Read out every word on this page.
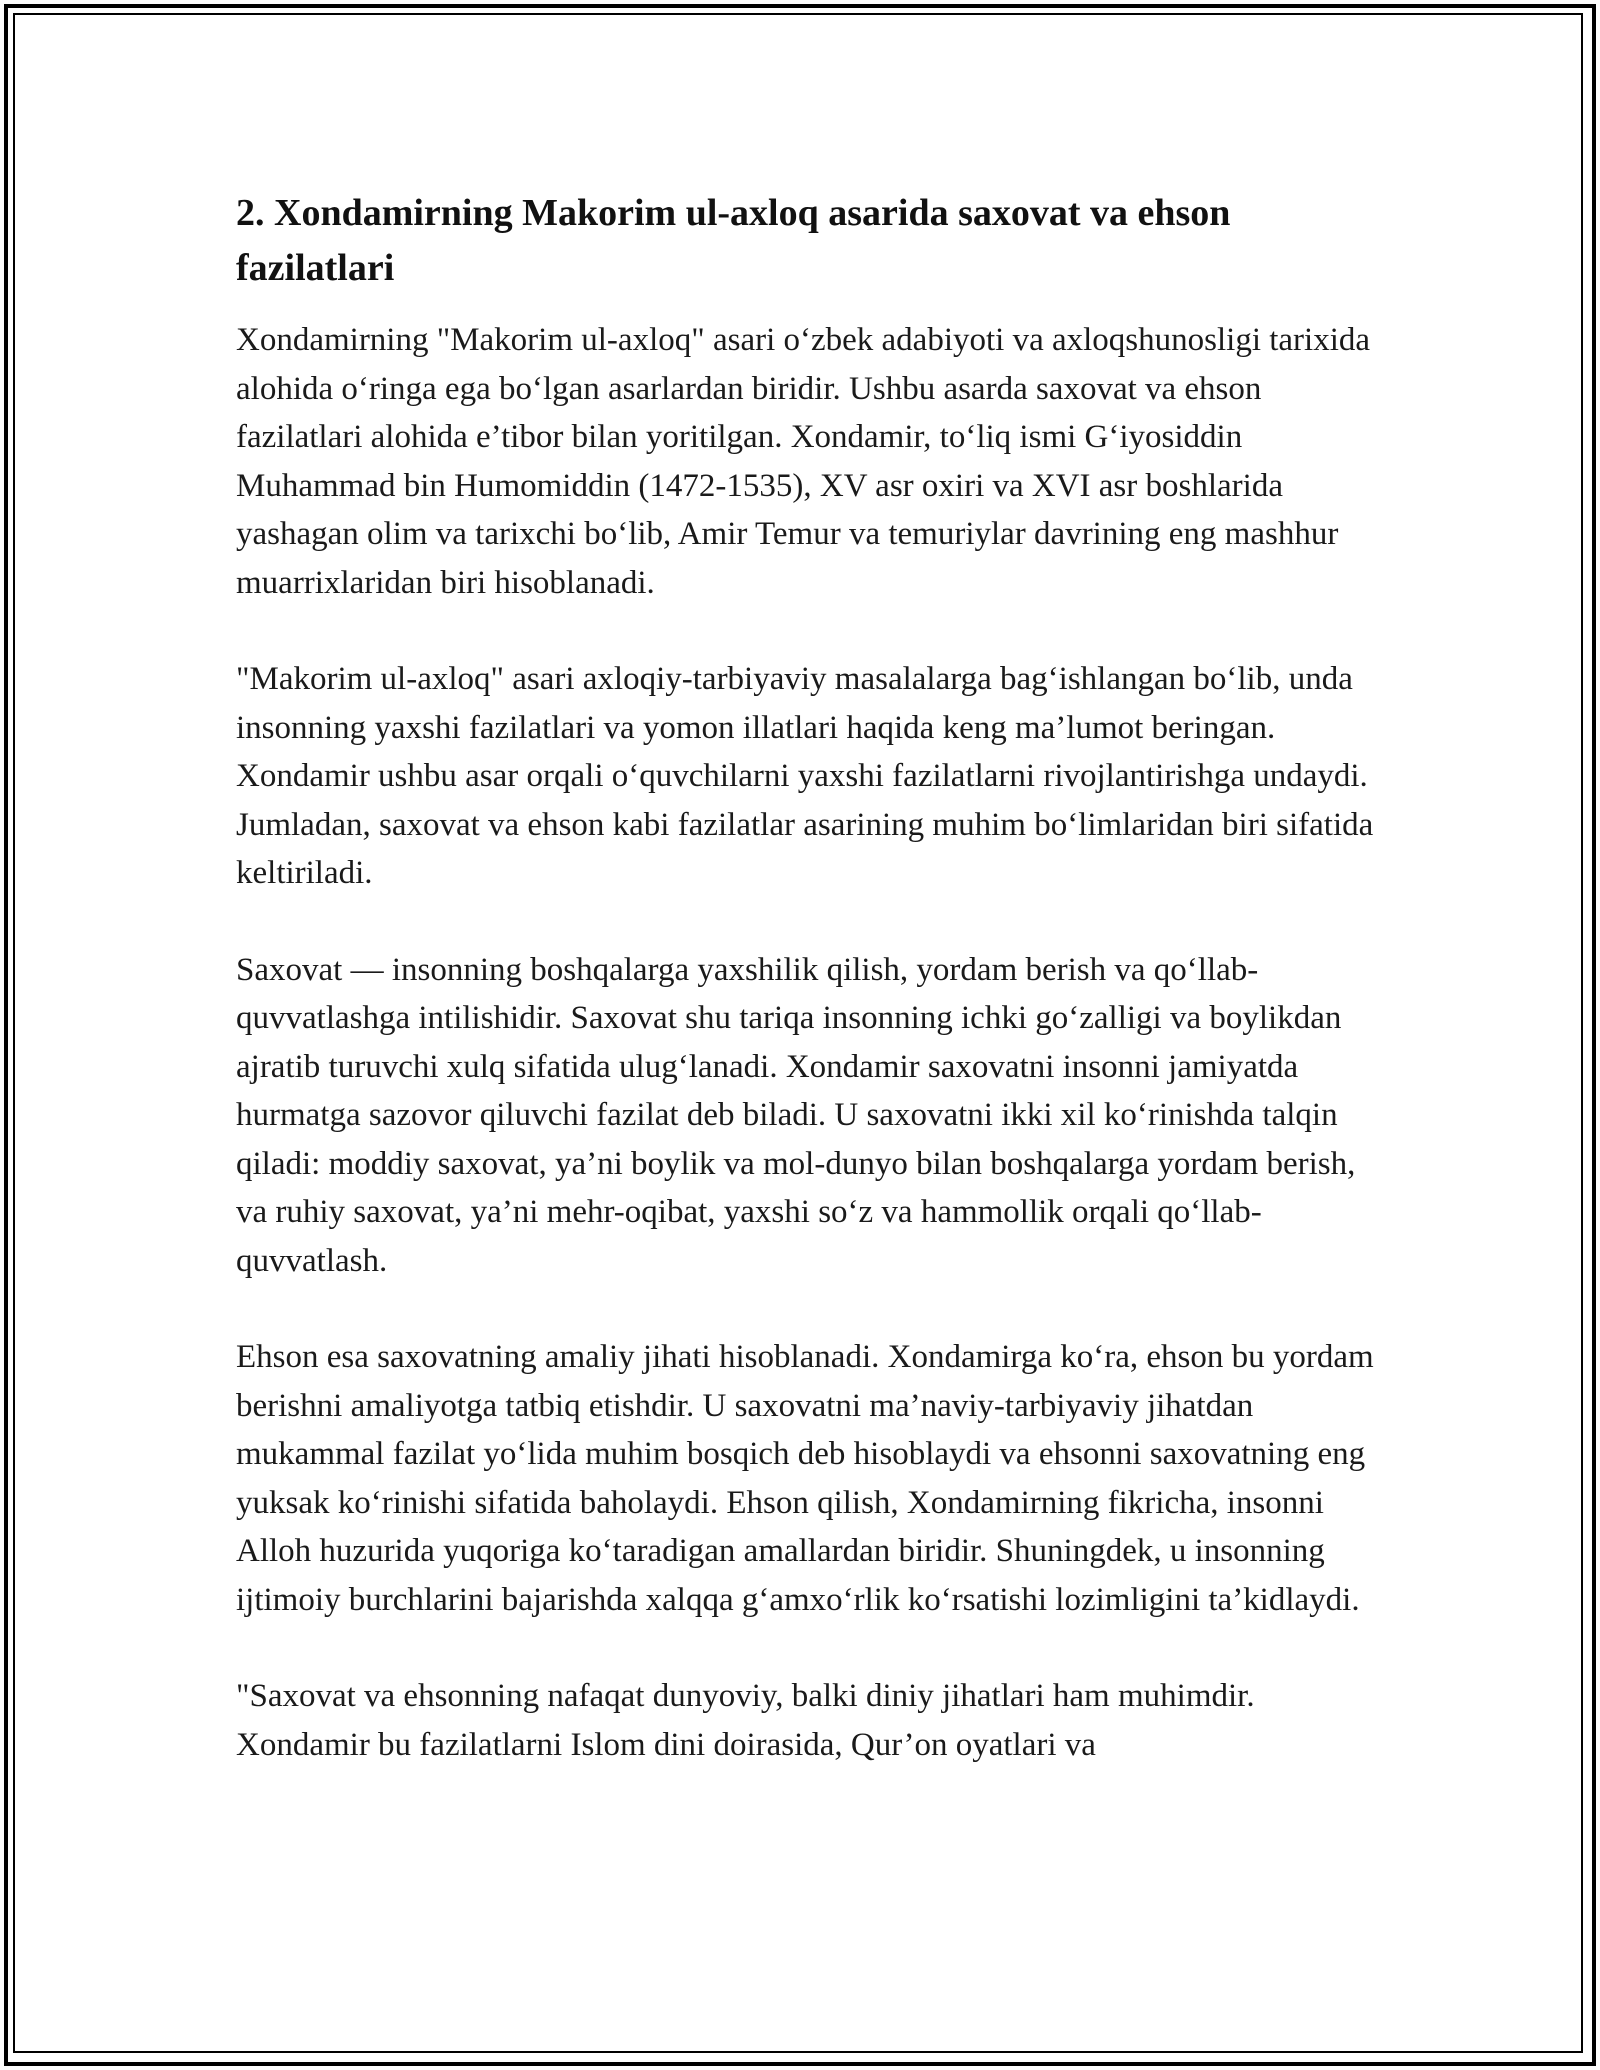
2. Xondamirning Makorim ul-axloq asarida saxovat va ehson fazilatlari

Xondamirning "Makorim ul-axloq" asari o‘zbek adabiyoti va axloqshunosligi tarixida alohida o‘ringa ega bo‘lgan asarlardan biridir. Ushbu asarda saxovat va ehson fazilatlari alohida e’tibor bilan yoritilgan. Xondamir, to‘liq ismi G‘iyosiddin Muhammad bin Humomiddin (1472-1535), XV asr oxiri va XVI asr boshlarida yashagan olim va tarixchi bo‘lib, Amir Temur va temuriylar davrining eng mashhur muarrixlaridan biri hisoblanadi.

"Makorim ul-axloq" asari axloqiy-tarbiyaviy masalalarga bag‘ishlangan bo‘lib, unda insonning yaxshi fazilatlari va yomon illatlari haqida keng ma’lumot beringan. Xondamir ushbu asar orqali o‘quvchilarni yaxshi fazilatlarni rivojlantirishga undaydi. Jumladan, saxovat va ehson kabi fazilatlar asarining muhim bo‘limlaridan biri sifatida keltiriladi.

Saxovat — insonning boshqalarga yaxshilik qilish, yordam berish va qo‘llab-quvvatlashga intilishidir. Saxovat shu tariqa insonning ichki go‘zalligi va boylikdan ajratib turuvchi xulq sifatida ulug‘lanadi. Xondamir saxovatni insonni jamiyatda hurmatga sazovor qiluvchi fazilat deb biladi. U saxovatni ikki xil ko‘rinishda talqin qiladi: moddiy saxovat, ya’ni boylik va mol-dunyo bilan boshqalarga yordam berish, va ruhiy saxovat, ya’ni mehr-oqibat, yaxshi so‘z va hammollik orqali qo‘llab-quvvatlash.

Ehson esa saxovatning amaliy jihati hisoblanadi. Xondamirga ko‘ra, ehson bu yordam berishni amaliyotga tatbiq etishdir. U saxovatni ma’naviy-tarbiyaviy jihatdan mukammal fazilat yo‘lida muhim bosqich deb hisoblaydi va ehsonni saxovatning eng yuksak ko‘rinishi sifatida baholaydi. Ehson qilish, Xondamirning fikricha, insonni Alloh huzurida yuqoriga ko‘taradigan amallardan biridir. Shuningdek, u insonning ijtimoiy burchlarini bajarishda xalqqa g‘amxo‘rlik ko‘rsatishi lozimligini ta’kidlaydi.

"Saxovat va ehsonning nafaqat dunyoviy, balki diniy jihatlari ham muhimdir. Xondamir bu fazilatlarni Islom dini doirasida, Qur’on oyatlari va
